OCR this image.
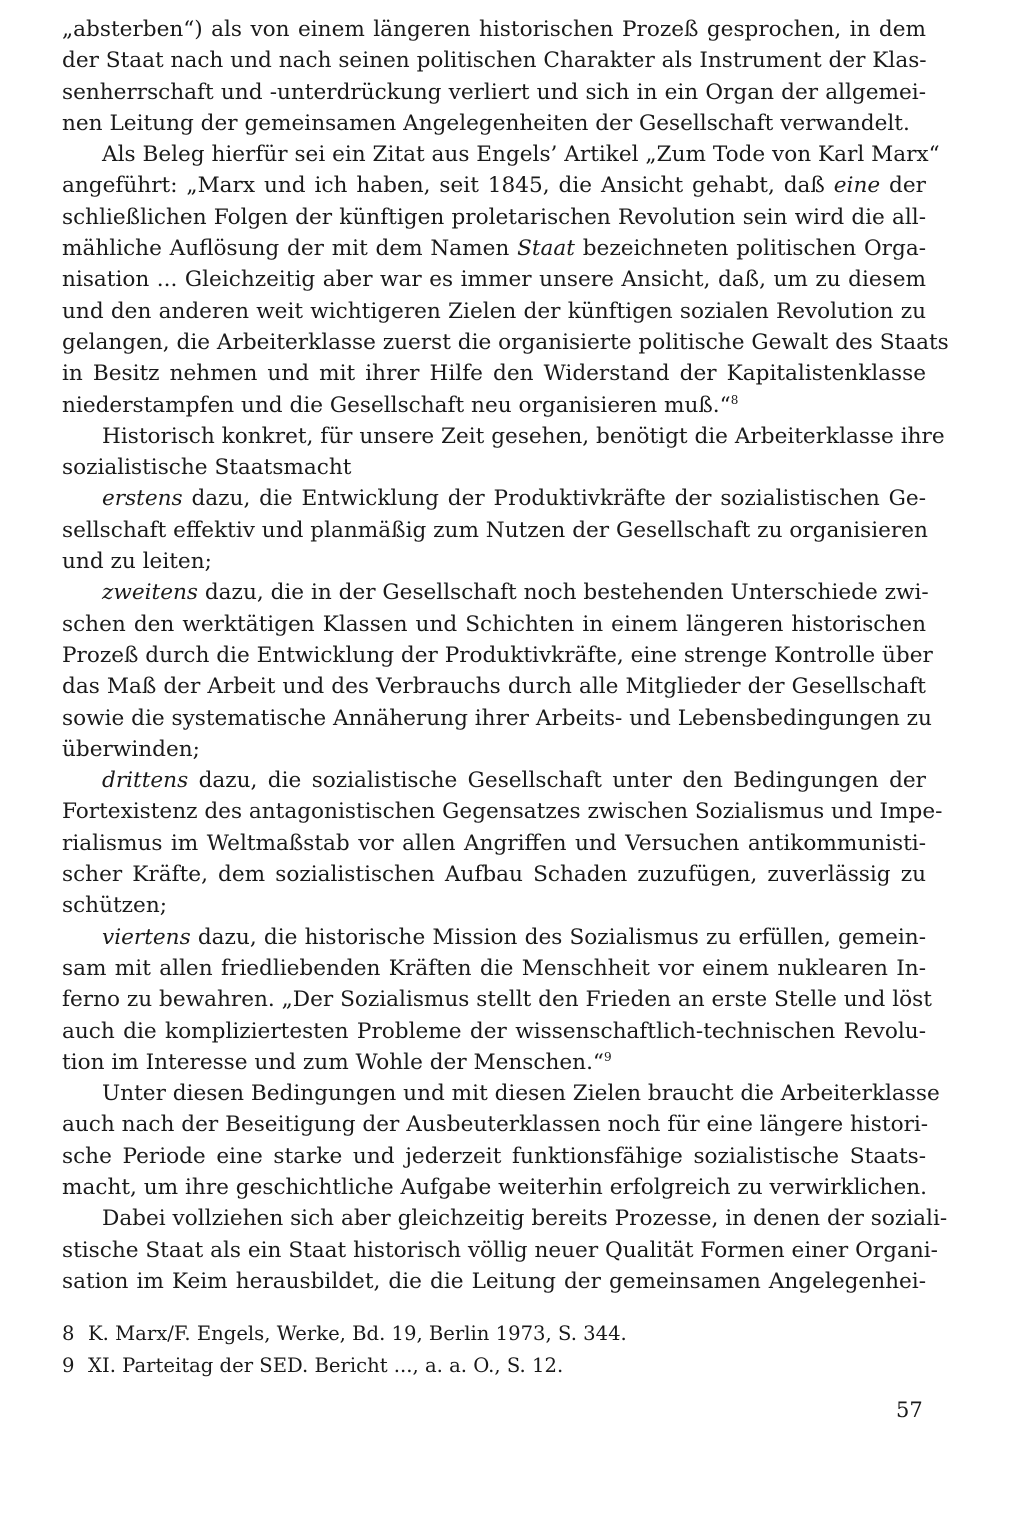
„absterben“) als von einem längeren historischen Prozeß gesprochen, in dem
der Staat nach und nach seinen politischen Charakter als Instrument der Klas-
senherrschaft und -unterdrückung verliert und sich in ein Organ der allgemei-
nen Leitung der gemeinsamen Angelegenheiten der Gesellschaft verwandelt.
Als Beleg hierfür sei ein Zitat aus Engels’ Artikel „Zum Tode von Karl Marx“
angeführt: „Marx und ich haben, seit 1845, die Ansicht gehabt, daß eine der
schließlichen Folgen der künftigen proletarischen Revolution sein wird die all-
mähliche Auflösung der mit dem Namen Staat bezeichneten politischen Orga-
nisation ... Gleichzeitig aber war es immer unsere Ansicht, daß, um zu diesem
und den anderen weit wichtigeren Zielen der künftigen sozialen Revolution zu
gelangen, die Arbeiterklasse zuerst die organisierte politische Gewalt des Staats
in Besitz nehmen und mit ihrer Hilfe den Widerstand der Kapitalistenklasse
niederstampfen und die Gesellschaft neu organisieren muß.“$^8$
Historisch konkret, für unsere Zeit gesehen, benötigt die Arbeiterklasse ihre
sozialistische Staatsmacht
erstens dazu, die Entwicklung der Produktivkräfte der sozialistischen Ge-
sellschaft effektiv und planmäßig zum Nutzen der Gesellschaft zu organisieren
und zu leiten;
zweitens dazu, die in der Gesellschaft noch bestehenden Unterschiede zwi-
schen den werktätigen Klassen und Schichten in einem längeren historischen
Prozeß durch die Entwicklung der Produktivkräfte, eine strenge Kontrolle über
das Maß der Arbeit und des Verbrauchs durch alle Mitglieder der Gesellschaft
sowie die systematische Annäherung ihrer Arbeits- und Lebensbedingungen zu
überwinden;
drittens dazu, die sozialistische Gesellschaft unter den Bedingungen der
Fortexistenz des antagonistischen Gegensatzes zwischen Sozialismus und Impe-
rialismus im Weltmaßstab vor allen Angriffen und Versuchen antikommunisti-
scher Kräfte, dem sozialistischen Aufbau Schaden zuzufügen, zuverlässig zu
schützen;
viertens dazu, die historische Mission des Sozialismus zu erfüllen, gemein-
sam mit allen friedliebenden Kräften die Menschheit vor einem nuklearen In-
ferno zu bewahren. „Der Sozialismus stellt den Frieden an erste Stelle und löst
auch die kompliziertesten Probleme der wissenschaftlich-technischen Revolu-
tion im Interesse und zum Wohle der Menschen.“$^9$
Unter diesen Bedingungen und mit diesen Zielen braucht die Arbeiterklasse
auch nach der Beseitigung der Ausbeuterklassen noch für eine längere histori-
sche Periode eine starke und jederzeit funktionsfähige sozialistische Staats-
macht, um ihre geschichtliche Aufgabe weiterhin erfolgreich zu verwirklichen.
Dabei vollziehen sich aber gleichzeitig bereits Prozesse, in denen der soziali-
stische Staat als ein Staat historisch völlig neuer Qualität Formen einer Organi-
sation im Keim herausbildet, die die Leitung der gemeinsamen Angelegenhei-
8 K. Marx/F. Engels, Werke, Bd. 19, Berlin 1973, S. 344.
9 XI. Parteitag der SED. Bericht ..., a. a. O., S. 12.
57
